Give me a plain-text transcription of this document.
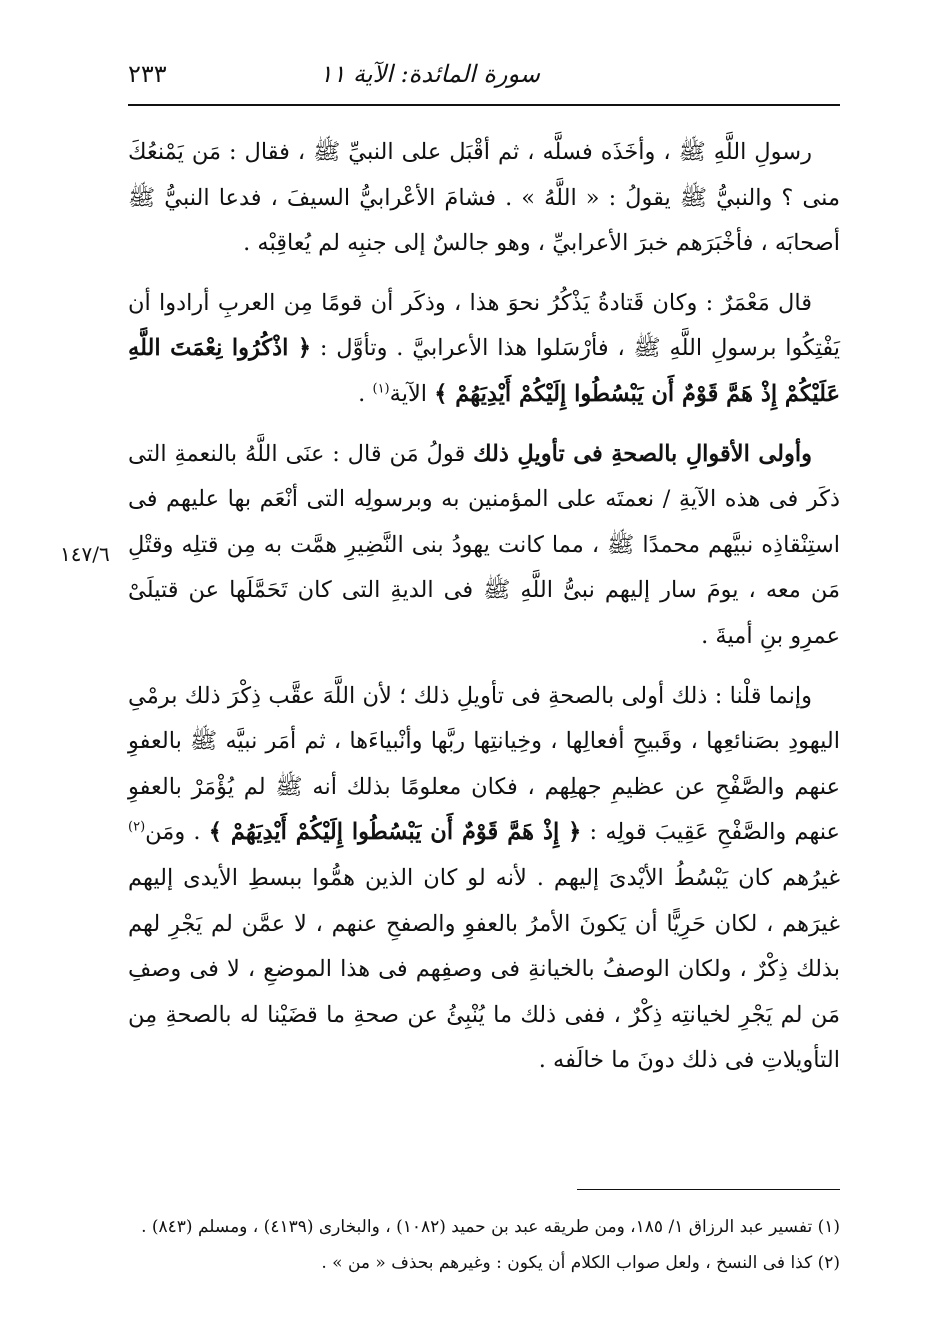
٢٣٣	سورة المائدة: الآية ١١
١٤٧/٦
رسولِ اللَّهِ ﷺ ، وأخَذَه فسلَّه ، ثم أقْبَل على النبيِّ ﷺ ، فقال : مَن يَمْنعُكَ منى ؟ والنبيُّ ﷺ يقولُ : « اللَّهُ » . فشامَ الأعْرابيُّ السيفَ ، فدعا النبيُّ ﷺ أصحابَه ، فأخْبَرَهم خبرَ الأعرابيِّ ، وهو جالسٌ إلى جنبِه لم يُعاقِبْه .
قال مَعْمَرٌ : وكان قَتادةُ يَذْكُرُ نحوَ هذا ، وذكَر أن قومًا مِن العربِ أرادوا أن يَفْتِكُوا برسولِ اللَّهِ ﷺ ، فأرْسَلوا هذا الأعرابيَّ . وتأوَّل : ﴿ اذْكُرُوا نِعْمَتَ اللَّهِ عَلَيْكُمْ إِذْ هَمَّ قَوْمٌ أَن يَبْسُطُوا إِلَيْكُمْ أَيْدِيَهُمْ ﴾ الآية$^{(١)}$ .
وأولى الأقوالِ بالصحةِ فى تأويلِ ذلك قولُ مَن قال : عنَى اللَّهُ بالنعمةِ التى ذكَر فى هذه الآيةِ / نعمتَه على المؤمنين به وبرسولِه التى أنْعَم بها عليهم فى استِنْقاذِه نبيَّهم محمدًا ﷺ ، مما كانت يهودُ بنى النَّضِيرِ همَّت به مِن قتلِه وقتْلِ مَن معه ، يومَ سار إليهم نبىُّ اللَّهِ ﷺ فى الديةِ التى كان تَحَمَّلَها عن قتيلَىْ عمرِو بنِ أميةَ .
وإنما قلْنا : ذلك أولى بالصحةِ فى تأويلِ ذلك ؛ لأن اللَّهَ عقَّب ذِكْرَ ذلك برمْىِ اليهودِ بصَنائعِها ، وقَبيحِ أفعالِها ، وخِيانتِها ربَّها وأنْبياءَها ، ثم أمَر نبيَّه ﷺ بالعفوِ عنهم والصَّفْحِ عن عظيمِ جهلِهم ، فكان معلومًا بذلك أنه ﷺ لم يُؤْمَرْ بالعفوِ عنهم والصَّفْحِ عَقِيبَ قولِه : ﴿ إِذْ هَمَّ قَوْمٌ أَن يَبْسُطُوا إِلَيْكُمْ أَيْدِيَهُمْ ﴾ . ومَن$^{(٢)}$ غيرُهم كان يَبْسُطُ الأيْدىَ إليهم . لأنه لو كان الذين همُّوا ببسطِ الأيدى إليهم غيرَهم ، لكان حَرِيًّا أن يَكونَ الأمرُ بالعفوِ والصفحِ عنهم ، لا عمَّن لم يَجْرِ لهم بذلك ذِكْرٌ ، ولكان الوصفُ بالخيانةِ فى وصفِهم فى هذا الموضعِ ، لا فى وصفِ مَن لم يَجْرِ لخيانتِه ذِكْرٌ ، ففى ذلك ما يُنْبِئُ عن صحةِ ما قضَيْنا له بالصحةِ مِن التأويلاتِ فى ذلك دونَ ما خالَفه .

(١) تفسير عبد الرزاق ١/ ١٨٥، ومن طريقه عبد بن حميد (١٠٨٢) ، والبخارى (٤١٣٩) ، ومسلم (٨٤٣) .

(٢) كذا فى النسخ ، ولعل صواب الكلام أن يكون : وغيرهم بحذف « من » .
